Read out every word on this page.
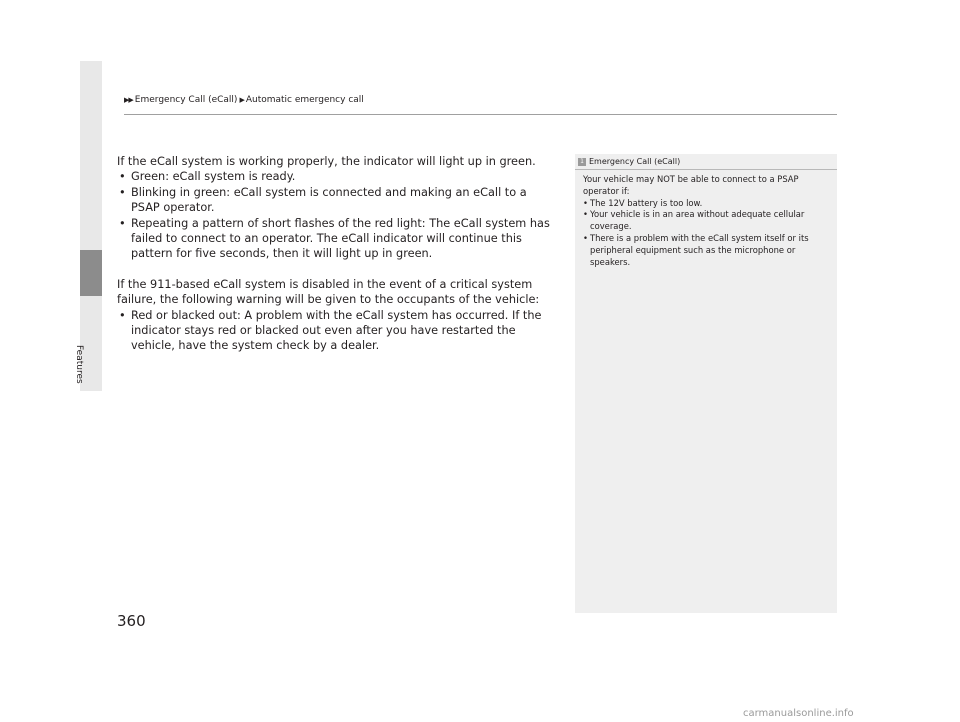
Features
▶▶ Emergency Call (eCall) ▶ Automatic emergency call

If the eCall system is working properly, the indicator will light up in green.

• Green: eCall system is ready.
• Blinking in green: eCall system is connected and making an eCall to a PSAP operator.
• Repeating a pattern of short flashes of the red light: The eCall system has failed to connect to an operator. The eCall indicator will continue this pattern for five seconds, then it will light up in green.

If the 911-based eCall system is disabled in the event of a critical system failure, the following warning will be given to the occupants of the vehicle:

• Red or blacked out: A problem with the eCall system has occurred. If the indicator stays red or blacked out even after you have restarted the vehicle, have the system check by a dealer.
1 Emergency Call (eCall)

Your vehicle may NOT be able to connect to a PSAP operator if:

• The 12V battery is too low.
• Your vehicle is in an area without adequate cellular coverage.
• There is a problem with the eCall system itself or its peripheral equipment such as the microphone or speakers.
360
carmanualsonline.info
